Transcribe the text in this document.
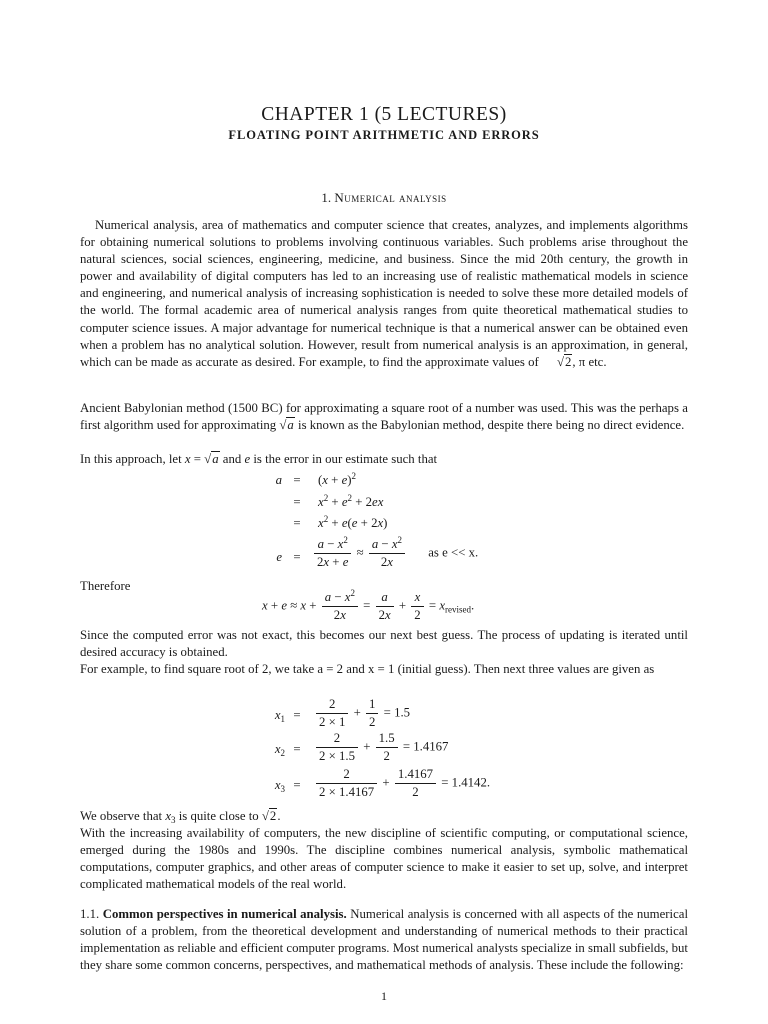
CHAPTER 1 (5 LECTURES)
FLOATING POINT ARITHMETIC AND ERRORS
1. Numerical analysis
Numerical analysis, area of mathematics and computer science that creates, analyzes, and implements algorithms for obtaining numerical solutions to problems involving continuous variables. Such problems arise throughout the natural sciences, social sciences, engineering, medicine, and business. Since the mid 20th century, the growth in power and availability of digital computers has led to an increasing use of realistic mathematical models in science and engineering, and numerical analysis of increasing sophistication is needed to solve these more detailed models of the world. The formal academic area of numerical analysis ranges from quite theoretical mathematical studies to computer science issues. A major advantage for numerical technique is that a numerical answer can be obtained even when a problem has no analytical solution. However, result from numerical analysis is an approximation, in general, which can be made as accurate as desired. For example, to find the approximate values of √2, π etc.
Ancient Babylonian method (1500 BC) for approximating a square root of a number was used. This was the perhaps a first algorithm used for approximating √a is known as the Babylonian method, despite there being no direct evidence.
In this approach, let x = √a and e is the error in our estimate such that
a =	$(x + e)^2$
=	$x^2 + e^2 + 2ex$
=	$x^2 + e(e + 2x)$
e =	$\frac{a - x^2}{2x + e} \approx \frac{a - x^2}{2x}$ as e << x.
Therefore
$x + e \approx x + \frac{a - x^2}{2x} = \frac{a}{2x} + \frac{x}{2} = x_{revised}$.
Since the computed error was not exact, this becomes our next best guess. The process of updating is iterated until desired accuracy is obtained.
For example, to find square root of 2, we take a = 2 and x = 1 (initial guess). Then next three values are given as
$x_1$ =	$\frac{2}{2 \times 1} + \frac{1}{2} = 1.5$
$x_2$ =	$\frac{2}{2 \times 1.5} + \frac{1.5}{2} = 1.4167$
$x_3$ =	$\frac{2}{2 \times 1.4167} + \frac{1.4167}{2} = 1.4142$.
We observe that $x_3$ is quite close to √2.
With the increasing availability of computers, the new discipline of scientific computing, or computational science, emerged during the 1980s and 1990s. The discipline combines numerical analysis, symbolic mathematical computations, computer graphics, and other areas of computer science to make it easier to set up, solve, and interpret complicated mathematical models of the real world.
1.1. Common perspectives in numerical analysis. Numerical analysis is concerned with all aspects of the numerical solution of a problem, from the theoretical development and understanding of numerical methods to their practical implementation as reliable and efficient computer programs. Most numerical analysts specialize in small subfields, but they share some common concerns, perspectives, and mathematical methods of analysis. These include the following:
1
